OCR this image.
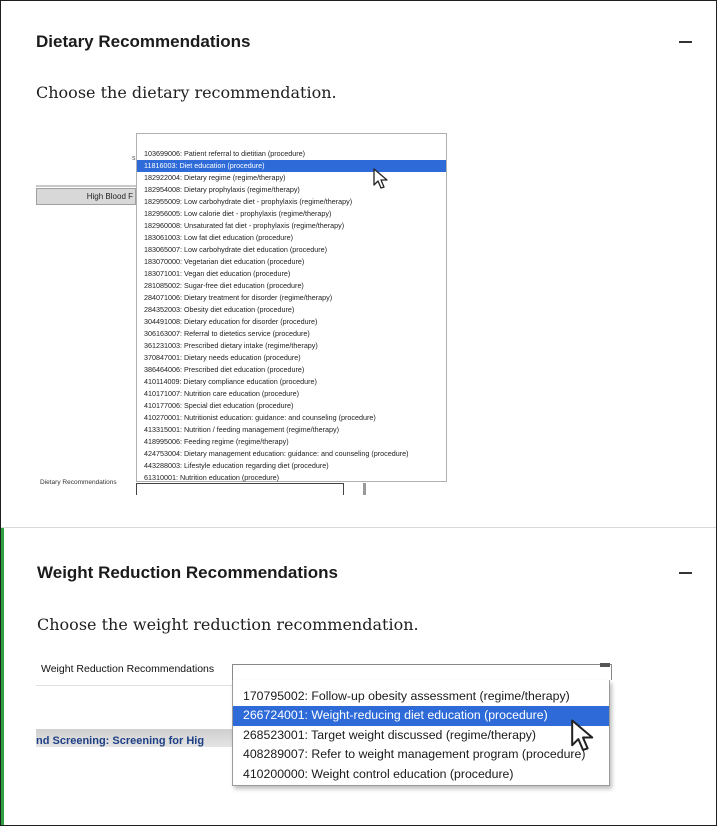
Dietary Recommendations

Choose the dietary recommendation.

s
High Blood F
Dietary Recommendations
103699006: Patient referral to dietitian (procedure)
11816003: Diet education (procedure)
182922004: Dietary regime (regime/therapy)
182954008: Dietary prophylaxis (regime/therapy)
182955009: Low carbohydrate diet - prophylaxis (regime/therapy)
182956005: Low calorie diet - prophylaxis (regime/therapy)
182960008: Unsaturated fat diet - prophylaxis (regime/therapy)
183061003: Low fat diet education (procedure)
183065007: Low carbohydrate diet education (procedure)
183070000: Vegetarian diet education (procedure)
183071001: Vegan diet education (procedure)
281085002: Sugar-free diet education (procedure)
284071006: Dietary treatment for disorder (regime/therapy)
284352003: Obesity diet education (procedure)
304491008: Dietary education for disorder (procedure)
306163007: Referral to dietetics service (procedure)
361231003: Prescribed dietary intake (regime/therapy)
370847001: Dietary needs education (procedure)
386464006: Prescribed diet education (procedure)
410114009: Dietary compliance education (procedure)
410171007: Nutrition care education (procedure)
410177006: Special diet education (procedure)
410270001: Nutritionist education: guidance: and counseling (procedure)
413315001: Nutrition / feeding management (regime/therapy)
418995006: Feeding regime (regime/therapy)
424753004: Dietary management education: guidance: and counseling (procedure)
443288003: Lifestyle education regarding diet (procedure)
61310001: Nutrition education (procedure)
Weight Reduction Recommendations

Choose the weight reduction recommendation.

Weight Reduction Recommendations
nd Screening: Screening for Hig
170795002: Follow-up obesity assessment (regime/therapy)
266724001: Weight-reducing diet education (procedure)
268523001: Target weight discussed (regime/therapy)
408289007: Refer to weight management program (procedure)
410200000: Weight control education (procedure)
